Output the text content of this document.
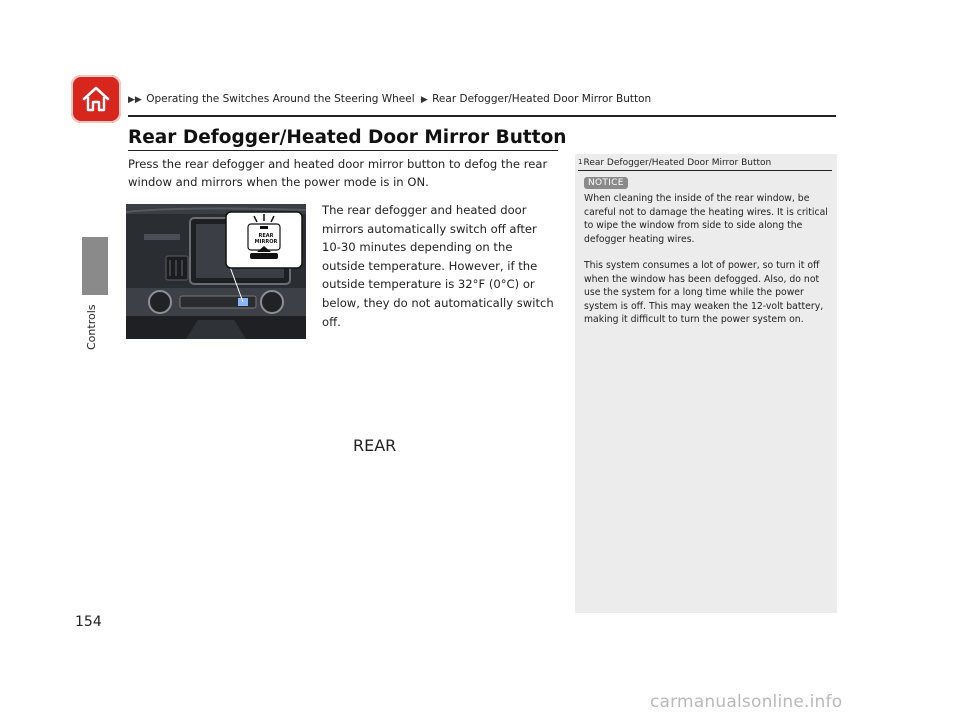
▶▶ Operating the Switches Around the Steering Wheel  ▶ Rear Defogger/Heated Door Mirror Button
Controls
154
Rear Defogger/Heated Door Mirror Button
Press the rear defogger and heated door mirror button to defog the rear window and mirrors when the power mode is in ON.
REAR
REAR
MIRROR
The rear defogger and heated door mirrors automatically switch off after 10-30 minutes depending on the outside temperature. However, if the outside temperature is 32°F (0°C) or below, they do not automatically switch off.
$^1$Rear Defogger/Heated Door Mirror Button
NOTICE
When cleaning the inside of the rear window, be careful not to damage the heating wires. It is critical to wipe the window from side to side along the defogger heating wires.
This system consumes a lot of power, so turn it off when the window has been defogged. Also, do not use the system for a long time while the power system is off. This may weaken the 12-volt battery, making it difficult to turn the power system on.
carmanualsonline.info
